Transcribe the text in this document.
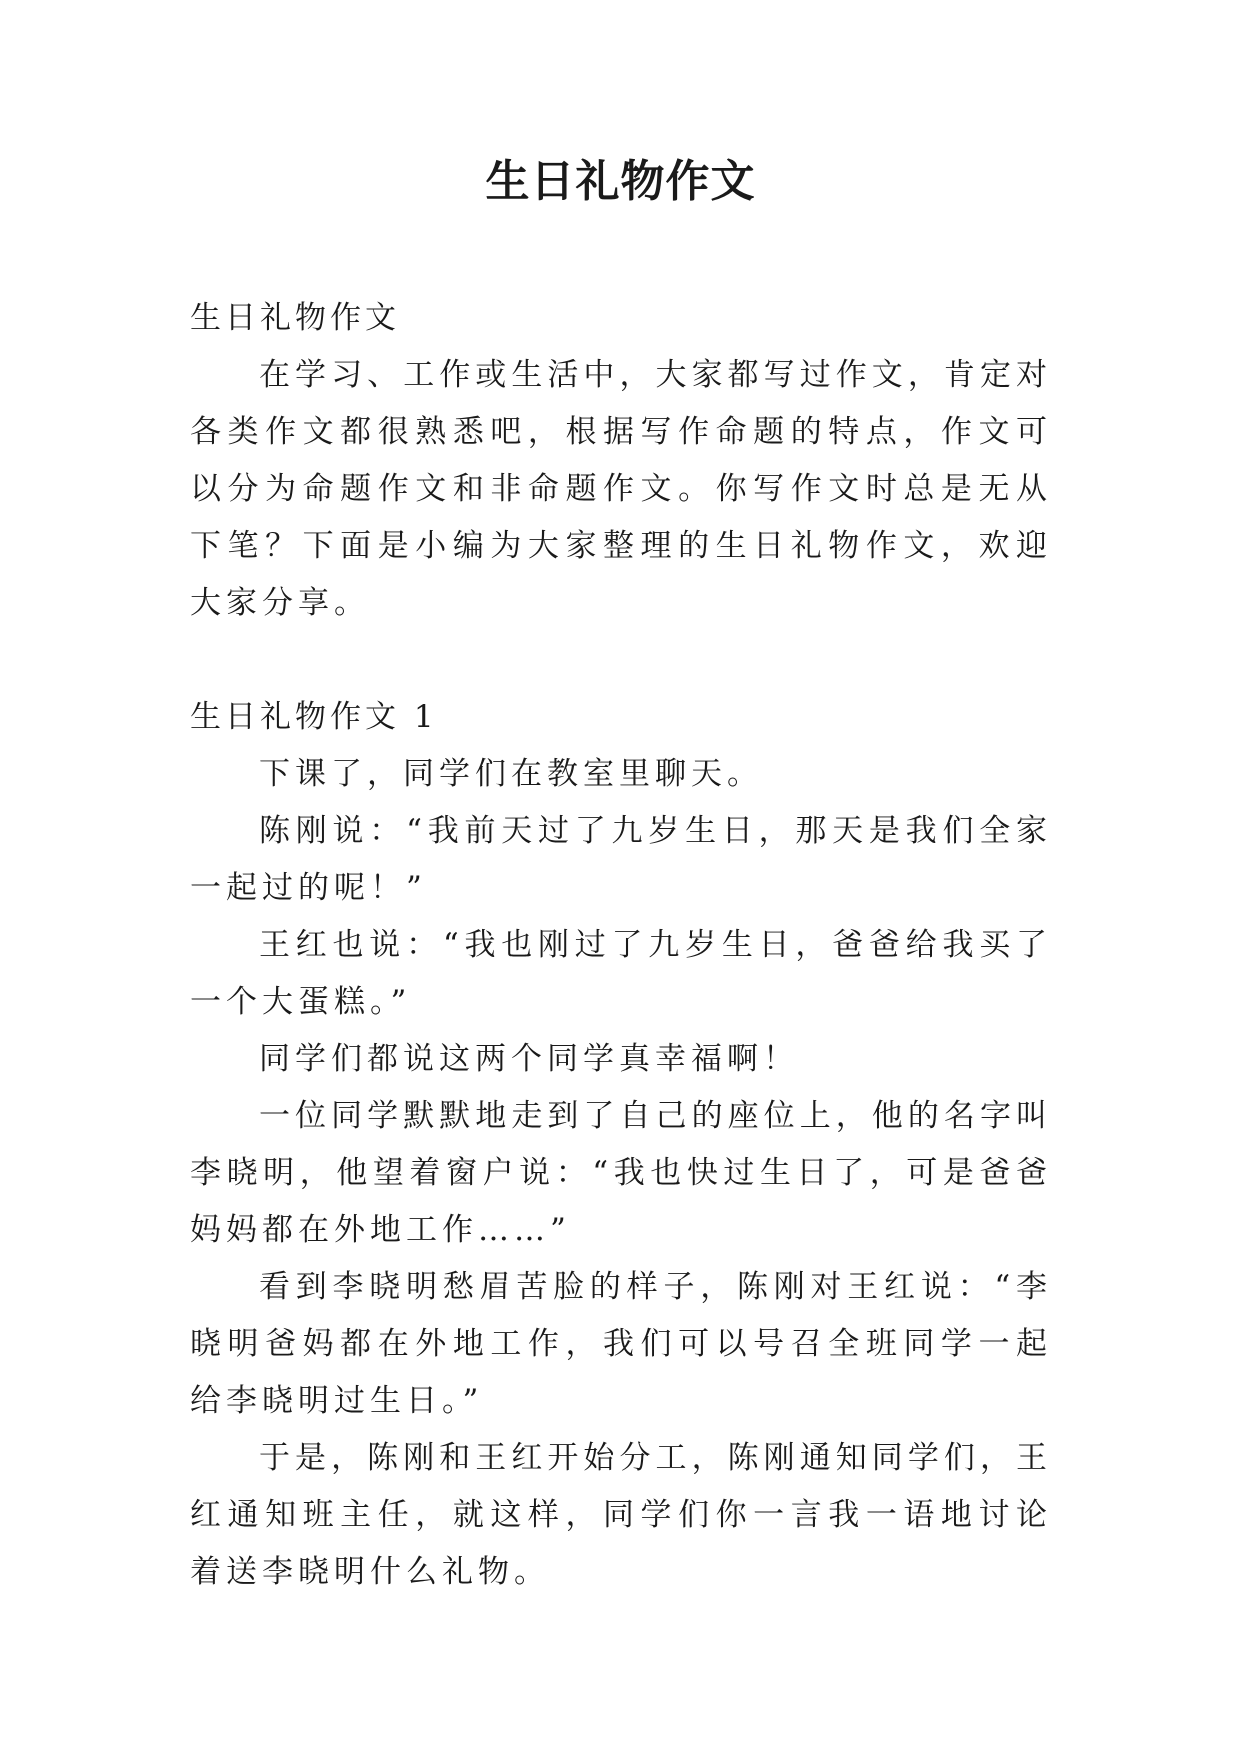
生日礼物作文

生日礼物作文

在学习、工作或生活中，大家都写过作文，肯定对各类作文都很熟悉吧，根据写作命题的特点，作文可以分为命题作文和非命题作文。你写作文时总是无从下笔？下面是小编为大家整理的生日礼物作文，欢迎大家分享。

生日礼物作文 1

下课了，同学们在教室里聊天。

陈刚说：“我前天过了九岁生日，那天是我们全家一起过的呢！”

王红也说：“我也刚过了九岁生日，爸爸给我买了一个大蛋糕。”

同学们都说这两个同学真幸福啊！

一位同学默默地走到了自己的座位上，他的名字叫李晓明，他望着窗户说：“我也快过生日了，可是爸爸妈妈都在外地工作……”

看到李晓明愁眉苦脸的样子，陈刚对王红说：“李晓明爸妈都在外地工作，我们可以号召全班同学一起给李晓明过生日。”

于是，陈刚和王红开始分工，陈刚通知同学们，王红通知班主任，就这样，同学们你一言我一语地讨论着送李晓明什么礼物。
